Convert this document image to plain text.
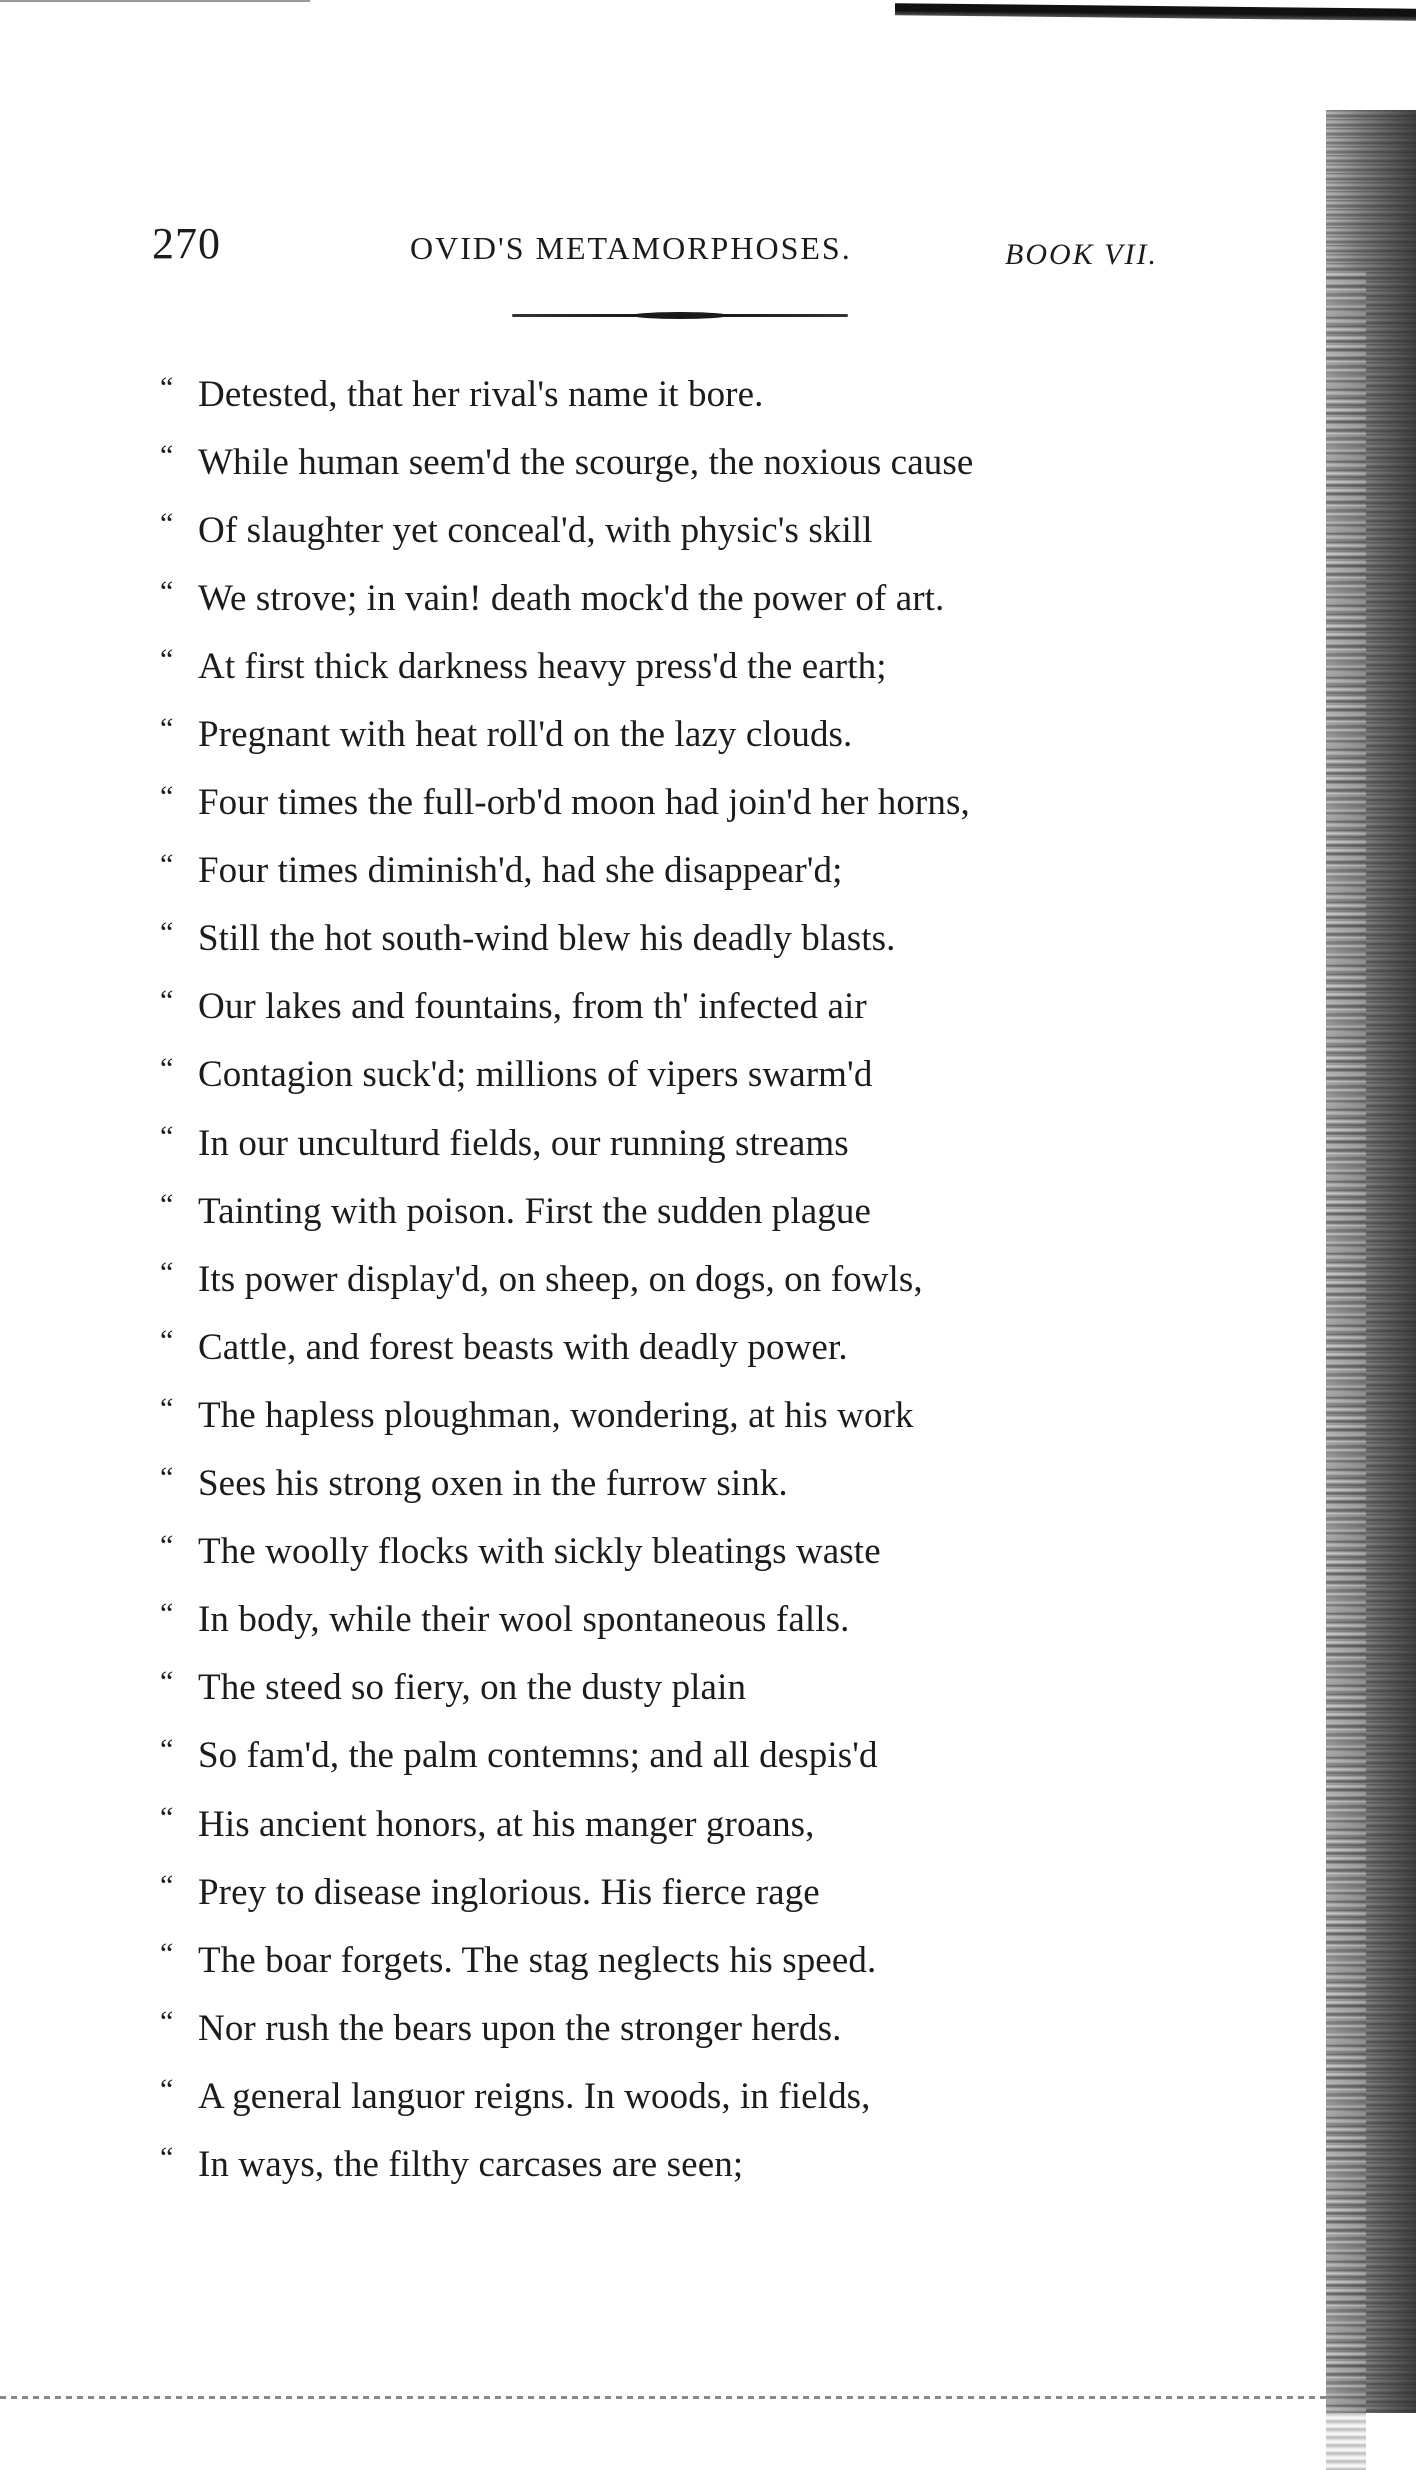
270	OVID'S METAMORPHOSES.	BOOK VII.
“ Detested, that her rival's name it bore.
“ While human seem'd the scourge, the noxious cause
“ Of slaughter yet conceal'd, with physic's skill
“ We strove; in vain! death mock'd the power of art.
“ At first thick darkness heavy press'd the earth;
“ Pregnant with heat roll'd on the lazy clouds.
“ Four times the full-orb'd moon had join'd her horns,
“ Four times diminish'd, had she disappear'd;
“ Still the hot south-wind blew his deadly blasts.
“ Our lakes and fountains, from th' infected air
“ Contagion suck'd; millions of vipers swarm'd
“ In our unculturd fields, our running streams
“ Tainting with poison. First the sudden plague
“ Its power display'd, on sheep, on dogs, on fowls,
“ Cattle, and forest beasts with deadly power.
“ The hapless ploughman, wondering, at his work
“ Sees his strong oxen in the furrow sink.
“ The woolly flocks with sickly bleatings waste
“ In body, while their wool spontaneous falls.
“ The steed so fiery, on the dusty plain
“ So fam'd, the palm contemns; and all despis'd
“ His ancient honors, at his manger groans,
“ Prey to disease inglorious. His fierce rage
“ The boar forgets. The stag neglects his speed.
“ Nor rush the bears upon the stronger herds.
“ A general languor reigns. In woods, in fields,
“ In ways, the filthy carcases are seen;
